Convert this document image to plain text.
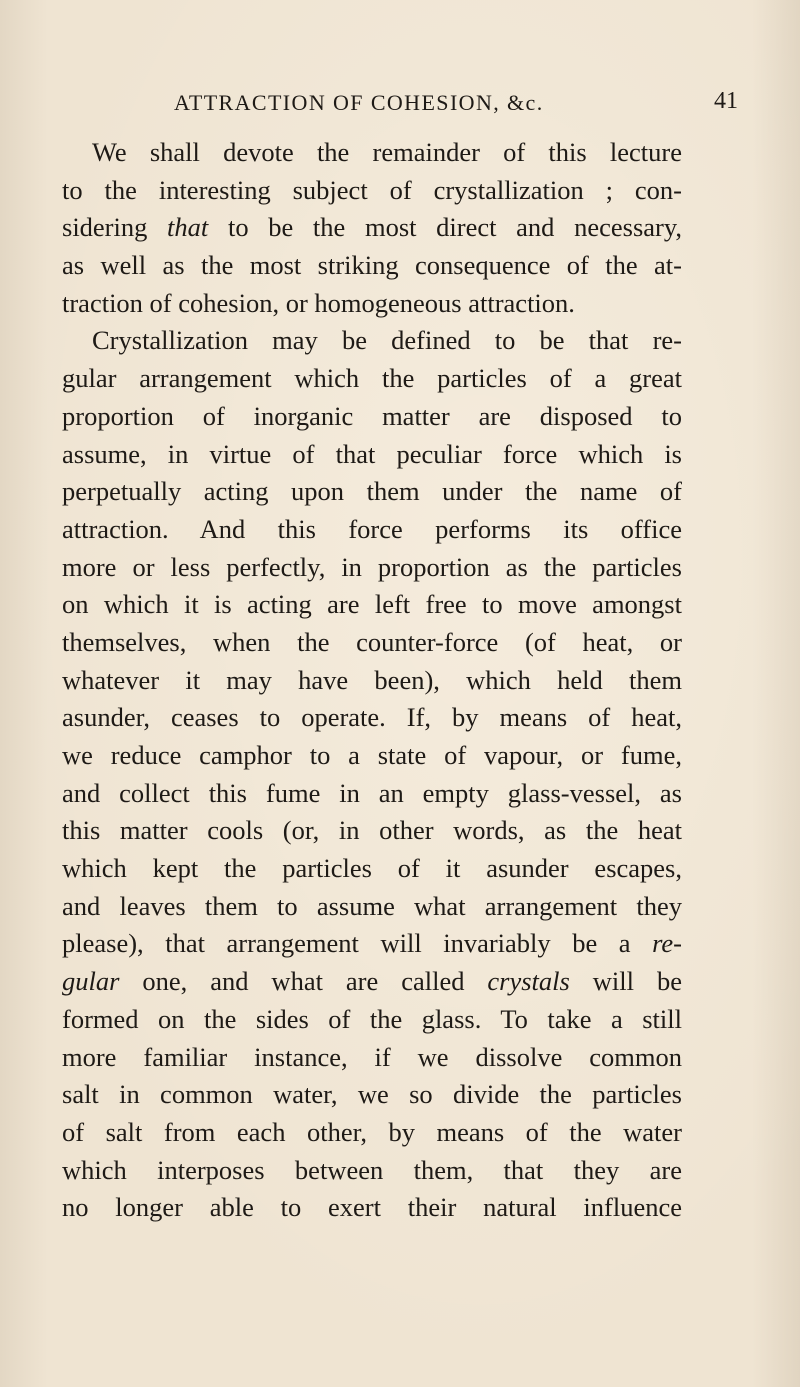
ATTRACTION OF COHESION, &c.	41
We shall devote the remainder of this lecture
to the interesting subject of crystallization ; con-
sidering that to be the most direct and necessary,
as well as the most striking consequence of the at-
traction of cohesion, or homogeneous attraction.
Crystallization may be defined to be that re-
gular arrangement which the particles of a great
proportion of inorganic matter are disposed to
assume, in virtue of that peculiar force which is
perpetually acting upon them under the name of
attraction. And this force performs its office
more or less perfectly, in proportion as the particles
on which it is acting are left free to move amongst
themselves, when the counter-force (of heat, or
whatever it may have been), which held them
asunder, ceases to operate. If, by means of heat,
we reduce camphor to a state of vapour, or fume,
and collect this fume in an empty glass-vessel, as
this matter cools (or, in other words, as the heat
which kept the particles of it asunder escapes,
and leaves them to assume what arrangement they
please), that arrangement will invariably be a re-
gular one, and what are called crystals will be
formed on the sides of the glass. To take a still
more familiar instance, if we dissolve common
salt in common water, we so divide the particles
of salt from each other, by means of the water
which interposes between them, that they are
no longer able to exert their natural influence
